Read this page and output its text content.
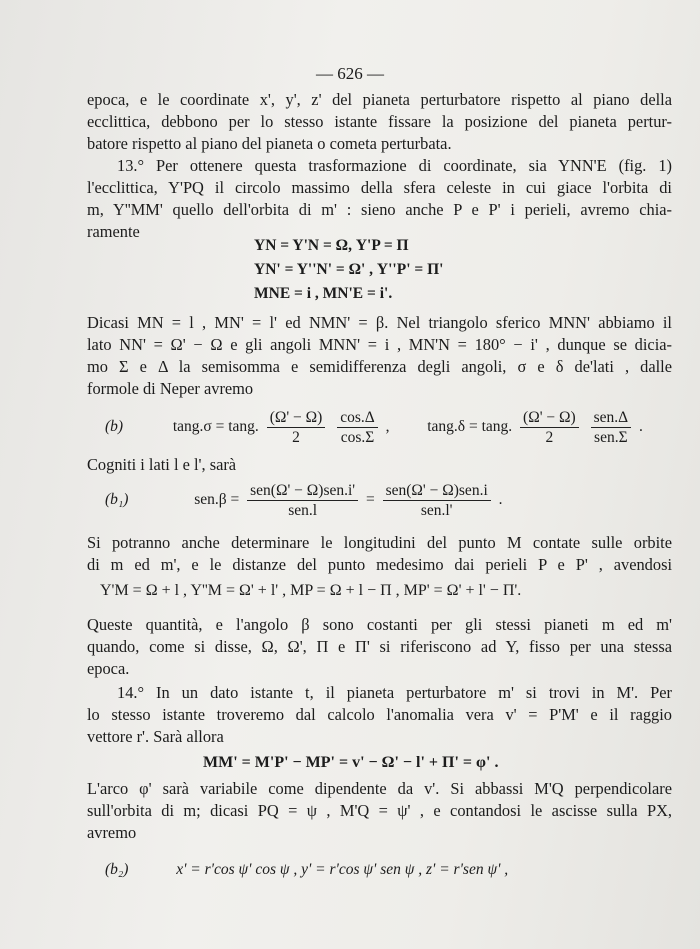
— 626 —
epoca, e le coordinate x', y', z' del pianeta perturbatore rispetto al piano della
ecclittica, debbono per lo stesso istante fissare la posizione del pianeta pertur-
batore rispetto al piano del pianeta o cometa perturbata.
13.° Per ottenere questa trasformazione di coordinate, sia YNN'E (fig. 1)
l'ecclittica, Y'PQ il circolo massimo della sfera celeste in cui giace l'orbita di
m, Y''MM' quello dell'orbita di m' : sieno anche P e P' i perieli, avremo chia-
ramente
YN = Y'N = Ω, Y'P = Π
YN' = Y''N' = Ω' , Y''P' = Π'
MNE = i , MN'E = i'.
Dicasi MN = l , MN' = l' ed NMN' = β. Nel triangolo sferico MNN' abbiamo il
lato NN' = Ω' − Ω e gli angoli MNN' = i , MN'N = 180° − i' , dunque se dicia-
mo Σ e Δ la semisomma e semidifferenza degli angoli, σ e δ de'lati , dalle
formole di Neper avremo
(b)	tang.σ = tang. $\frac{(\Omega' - \Omega)}{2}$
$\frac{\cos.\Delta}{\cos.\Sigma}$ , tang.δ = tang. $\frac{(\Omega' - \Omega)}{2}$
$\frac{\text{sen.Δ}}{\text{sen.Σ}}$ .
Cogniti i lati l e l', sarà
(b₁)	$sen.\beta = \frac{\text{sen(Ω' − Ω)sen.i'}}{\text{sen.l}} = \frac{\text{sen(Ω' − Ω)sen.i}}{\text{sen.l'}}$ .
Si potranno anche determinare le longitudini del punto M contate sulle orbite
di m ed m', e le distanze del punto medesimo dai perieli P e P' , avendosi
Y'M = Ω + l , Y''M = Ω' + l' , MP = Ω + l − Π , MP' = Ω' + l' − Π'.
Queste quantità, e l'angolo β sono costanti per gli stessi pianeti m ed m'
quando, come si disse, Ω, Ω', Π e Π' si riferiscono ad Y, fisso per una stessa
epoca.
14.° In un dato istante t, il pianeta perturbatore m' si trovi in M'. Per
lo stesso istante troveremo dal calcolo l'anomalia vera v' = P'M' e il raggio
vettore r'. Sarà allora
MM' = M'P' − MP' = v' − Ω' − l' + Π' = φ' .
L'arco φ' sarà variabile come dipendente da v'. Si abbassi M'Q perpendicolare
sull'orbita di m; dicasi PQ = ψ , M'Q = ψ' , e contandosi le ascisse sulla PX,
avremo
(b₂)	x' = r'cos ψ' cos ψ , y' = r'cos ψ' sen ψ , z' = r'sen ψ' ,
